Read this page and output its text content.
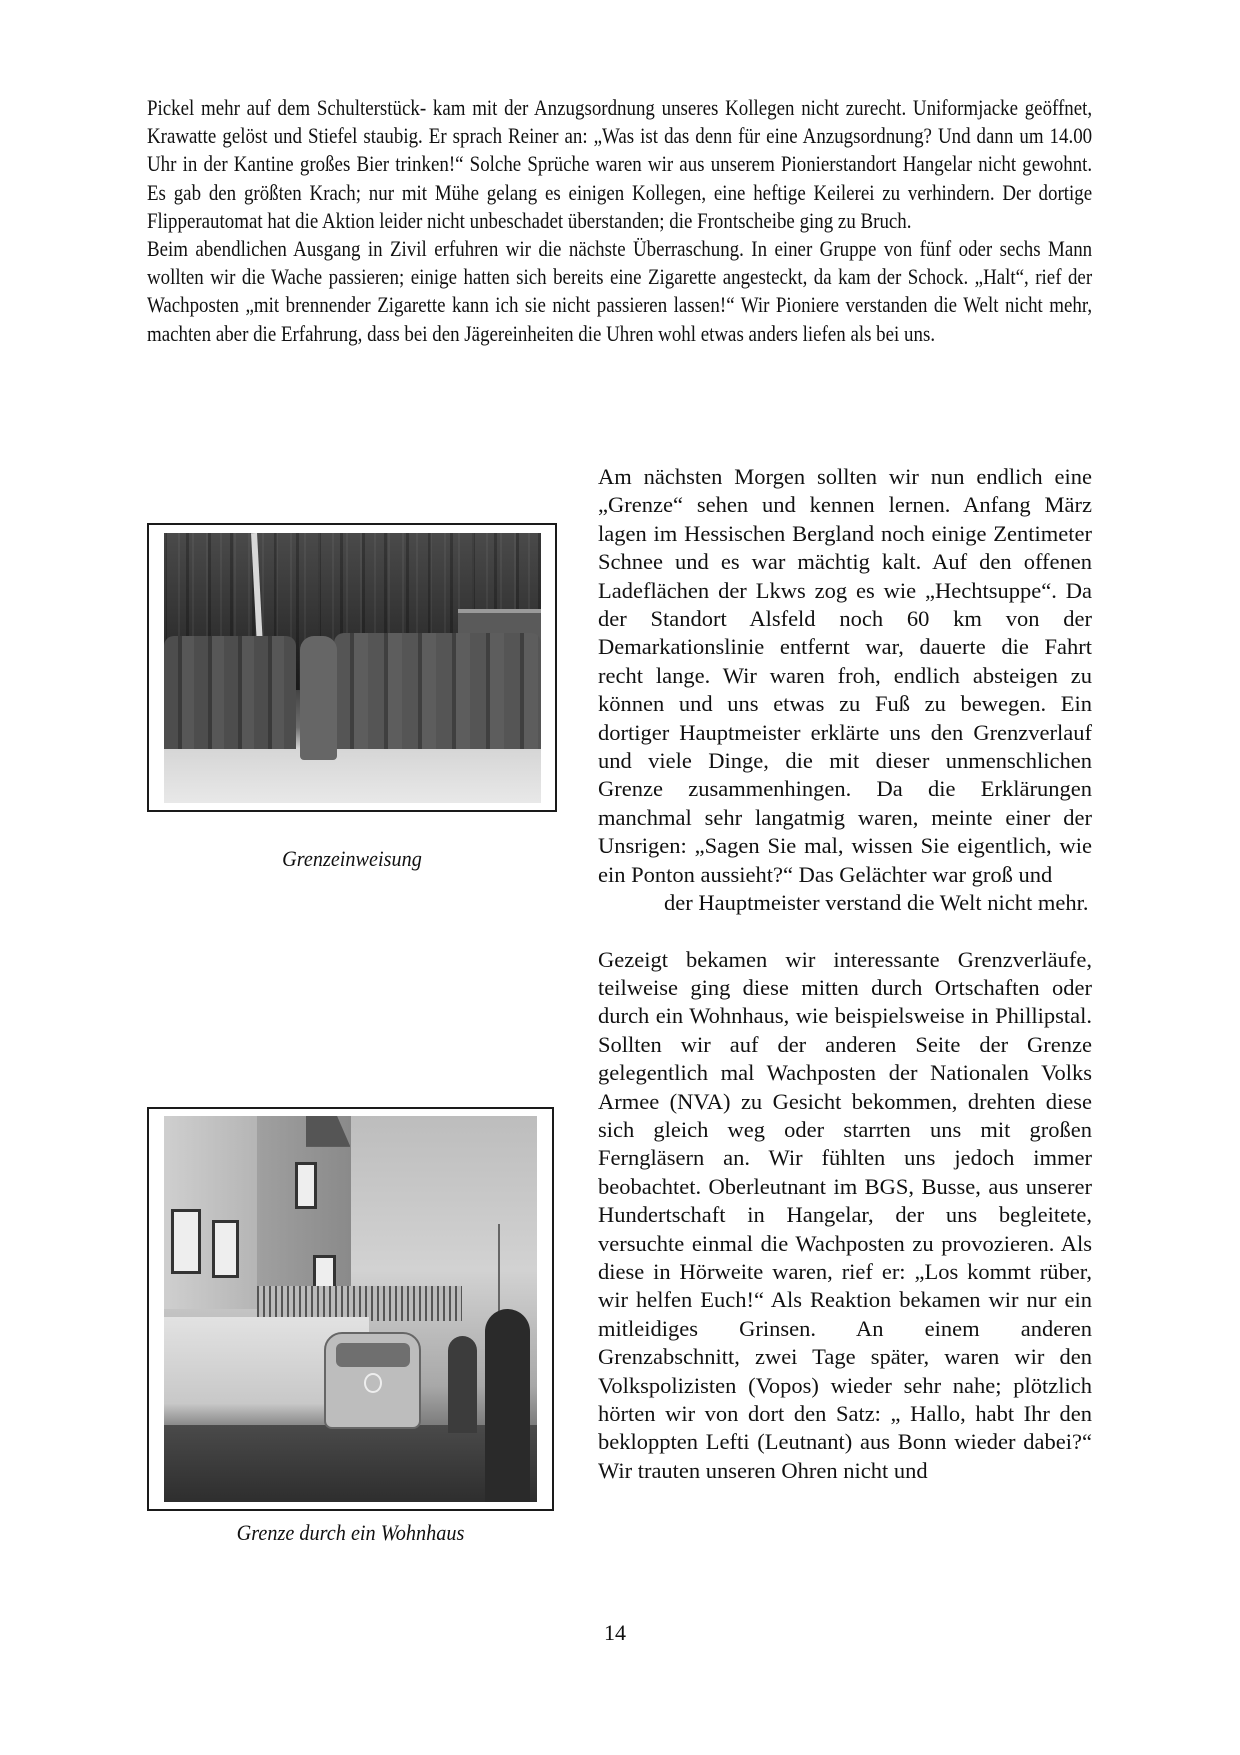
Pickel mehr auf dem Schulterstück- kam mit der Anzugsordnung unseres Kollegen nicht zurecht. Uniformjacke geöffnet, Krawatte gelöst und Stiefel staubig. Er sprach Reiner an: „Was ist das denn für eine Anzugsordnung? Und dann um 14.00 Uhr in der Kantine großes Bier trinken!“ Solche Sprüche waren wir aus unserem Pionierstandort Hangelar nicht gewohnt. Es gab den größten Krach; nur mit Mühe gelang es einigen Kollegen, eine heftige Keilerei zu verhindern. Der dortige Flipperautomat hat die Aktion leider nicht unbeschadet überstanden; die Frontscheibe ging zu Bruch.

Beim abendlichen Ausgang in Zivil erfuhren wir die nächste Überraschung. In einer Gruppe von fünf oder sechs Mann wollten wir die Wache passieren; einige hatten sich bereits eine Zigarette angesteckt, da kam der Schock. „Halt“, rief der Wachposten „mit brennender Zigarette kann ich sie nicht passieren lassen!“ Wir Pioniere verstanden die Welt nicht mehr, machten aber die Erfahrung, dass bei den Jägereinheiten die Uhren wohl etwas anders liefen als bei uns.

Grenzeinweisung
Grenze durch ein Wohnhaus

Am nächsten Morgen sollten wir nun endlich eine „Grenze“ sehen und kennen lernen. Anfang März lagen im Hessischen Bergland noch einige Zentimeter Schnee und es war mächtig kalt. Auf den offenen Ladeflächen der Lkws zog es wie „Hechtsuppe“. Da der Standort Alsfeld noch 60 km von der Demarkationslinie entfernt war, dauerte die Fahrt recht lange. Wir waren froh, endlich absteigen zu können und uns etwas zu Fuß zu bewegen. Ein dortiger Hauptmeister erklärte uns den Grenzverlauf und viele Dinge, die mit dieser unmenschlichen Grenze zusammenhingen. Da die Erklärungen manchmal sehr langatmig waren, meinte einer der Unsrigen: „Sagen Sie mal, wissen Sie eigentlich, wie ein Ponton aussieht?“ Das Gelächter war groß und
der Hauptmeister verstand die Welt nicht mehr.

Gezeigt bekamen wir interessante Grenzverläufe, teilweise ging diese mitten durch Ortschaften oder durch ein Wohnhaus, wie beispielsweise in Phillipstal. Sollten wir auf der anderen Seite der Grenze gelegentlich mal Wachposten der Nationalen Volks Armee (NVA) zu Gesicht bekommen, drehten diese sich gleich weg oder starrten uns mit großen Ferngläsern an. Wir fühlten uns jedoch immer beobachtet. Oberleutnant im BGS, Busse, aus unserer Hundertschaft in Hangelar, der uns begleitete, versuchte einmal die Wachposten zu provozieren. Als diese in Hörweite waren, rief er: „Los kommt rüber, wir helfen Euch!“ Als Reaktion bekamen wir nur ein mitleidiges Grinsen. An einem anderen Grenzabschnitt, zwei Tage später, waren wir den Volkspolizisten (Vopos) wieder sehr nahe; plötzlich hörten wir von dort den Satz: „ Hallo, habt Ihr den bekloppten Lefti (Leutnant) aus Bonn wieder dabei?“ Wir trauten unseren Ohren nicht und

14
